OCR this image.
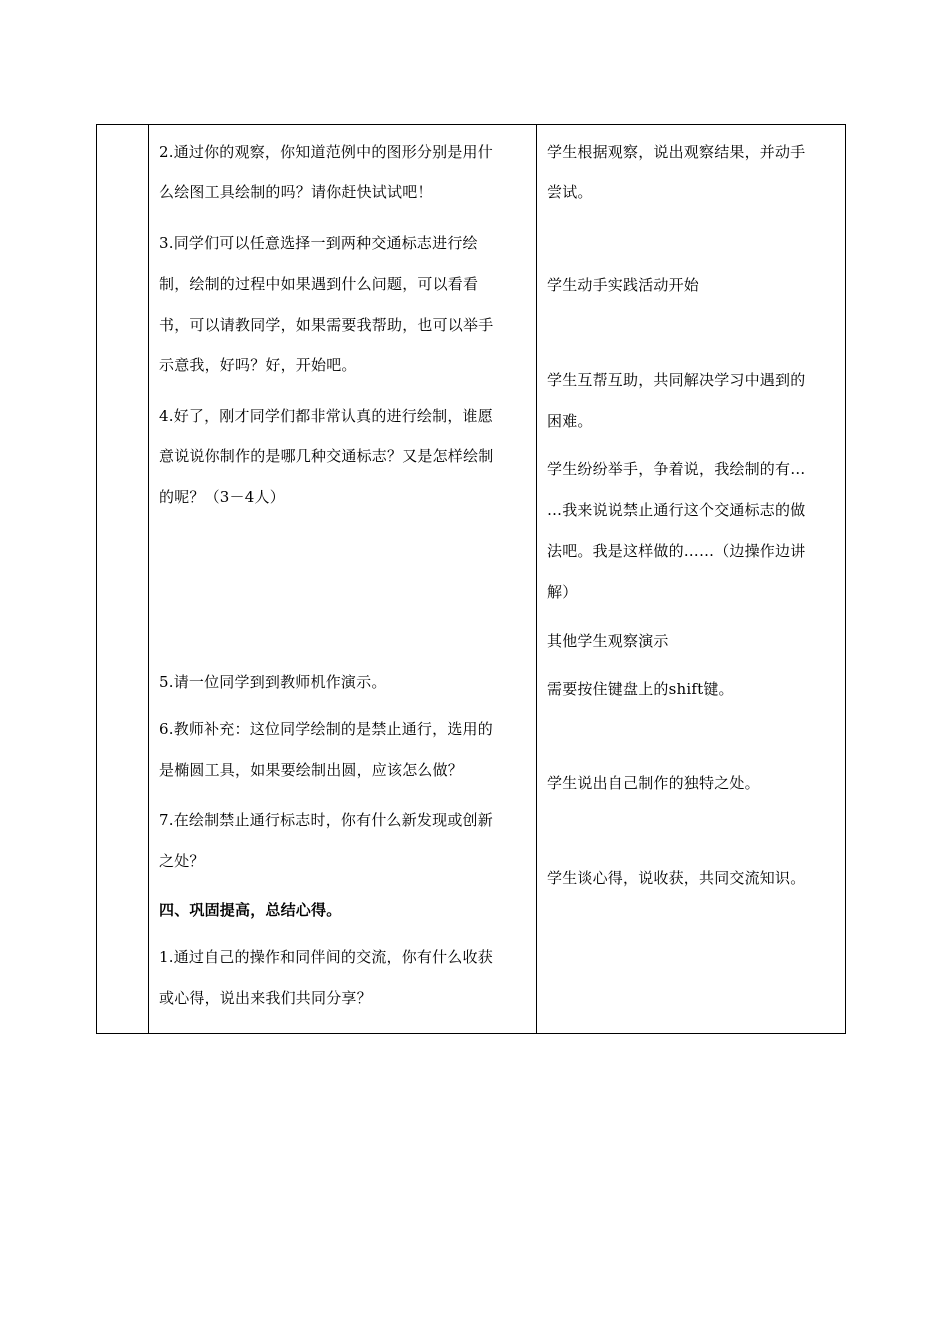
2.通过你的观察，你知道范例中的图形分别是用什
么绘图工具绘制的吗？请你赶快试试吧！
3.同学们可以任意选择一到两种交通标志进行绘
制，绘制的过程中如果遇到什么问题，可以看看
书，可以请教同学，如果需要我帮助，也可以举手
示意我，好吗？好，开始吧。
4.好了，刚才同学们都非常认真的进行绘制，谁愿
意说说你制作的是哪几种交通标志？又是怎样绘制
的呢？（3－4人）
5.请一位同学到到教师机作演示。
6.教师补充：这位同学绘制的是禁止通行，选用的
是椭圆工具，如果要绘制出圆，应该怎么做？
7.在绘制禁止通行标志时，你有什么新发现或创新
之处？
四、巩固提高，总结心得。
1.通过自己的操作和同伴间的交流，你有什么收获
或心得，说出来我们共同分享？
学生根据观察，说出观察结果，并动手
尝试。
学生动手实践活动开始
学生互帮互助，共同解决学习中遇到的
困难。
学生纷纷举手，争着说，我绘制的有…
…我来说说禁止通行这个交通标志的做
法吧。我是这样做的……（边操作边讲
解）
其他学生观察演示
需要按住键盘上的shift键。
学生说出自己制作的独特之处。
学生谈心得，说收获，共同交流知识。
